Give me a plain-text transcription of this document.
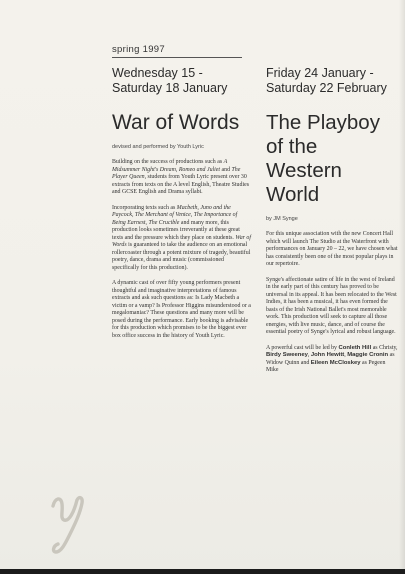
spring 1997

Wednesday 15 - Saturday 18 January

War of Words

devised and performed by Youth Lyric

Building on the success of productions such as A Midsummer Night's Dream, Romeo and Juliet and The Player Queen, students from Youth Lyric present over 30 extracts from texts on the A level English, Theatre Studies and GCSE English and Drama syllabi.

Incorporating texts such as Macbeth, Juno and the Paycock, The Merchant of Venice, The Importance of Being Earnest, The Crucible and many more, this production looks sometimes irreverantly at these great texts and the pressure which they place on students. War of Words is guaranteed to take the audience on an emotional rollercoaster through a potent mixture of tragedy, beautiful poetry, dance, drama and music (commissioned specifically for this production).

A dynamic cast of over fifty young performers present thoughtful and imaginative interpretations of famous extracts and ask such questions as: Is Lady Macbeth a victim or a vamp? Is Professor Higgins misunderstood or a megalomaniac? These questions and many more will be posed during the performance. Early booking is advisable for this production which promises to be the biggest ever box office success in the history of Youth Lyric.

Friday 24 January - Saturday 22 February

The Playboy of the Western World

by JM Synge

For this unique association with the new Concert Hall which will launch The Studio at the Waterfront with performances on January 20 – 22, we have chosen what has consistently been one of the most popular plays in our repertoire.

Synge's affectionate satire of life in the west of Ireland in the early part of this century has proved to be universal in its appeal. It has been relocated to the West Indies, it has been a musical, it has even formed the basis of the Irish National Ballet's most memorable work. This production will seek to capture all those energies, with live music, dance, and of course the essential poetry of Synge's lyrical and robust language.

A powerful cast will be led by Conleth Hill as Christy, Birdy Sweeney, John Hewitt, Maggie Cronin as Widow Quinn and Eileen McCloskey as Pegeen Mike
